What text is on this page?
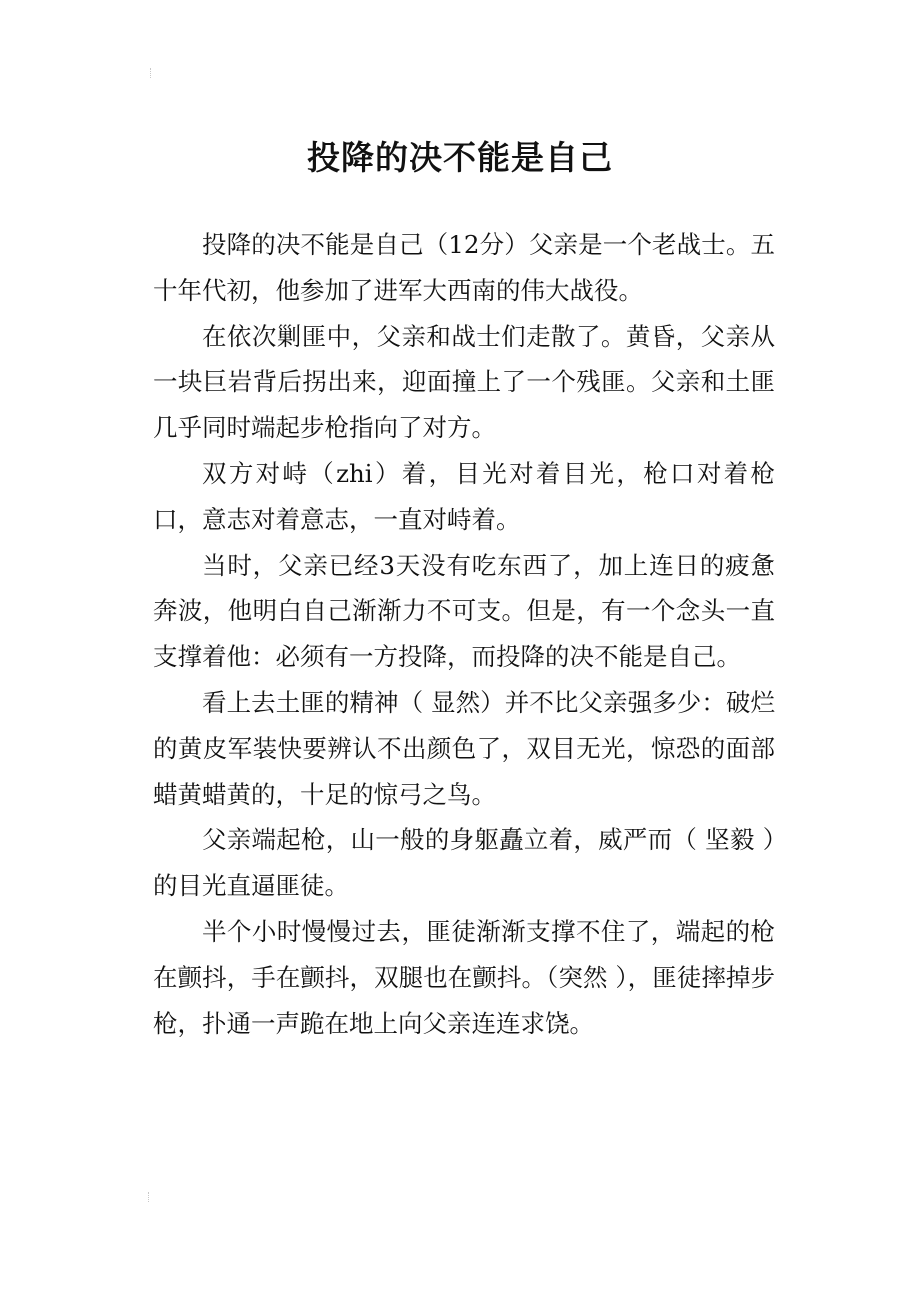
投降的决不能是自己

投降的决不能是自己（12分）父亲是一个老战士。五十年代初，他参加了进军大西南的伟大战役。

在依次剿匪中，父亲和战士们走散了。黄昏，父亲从一块巨岩背后拐出来，迎面撞上了一个残匪。父亲和土匪几乎同时端起步枪指向了对方。

双方对峙（zhi）着，目光对着目光，枪口对着枪口，意志对着意志，一直对峙着。

当时，父亲已经3天没有吃东西了，加上连日的疲惫奔波，他明白自己渐渐力不可支。但是，有一个念头一直支撑着他：必须有一方投降，而投降的决不能是自己。

看上去土匪的精神（ 显然）并不比父亲强多少：破烂的黄皮军装快要辨认不出颜色了，双目无光，惊恐的面部蜡黄蜡黄的，十足的惊弓之鸟。

父亲端起枪，山一般的身躯矗立着，威严而（ 坚毅 ）的目光直逼匪徒。

半个小时慢慢过去，匪徒渐渐支撑不住了，端起的枪在颤抖，手在颤抖，双腿也在颤抖。（突然 ），匪徒摔掉步枪，扑通一声跪在地上向父亲连连求饶。
